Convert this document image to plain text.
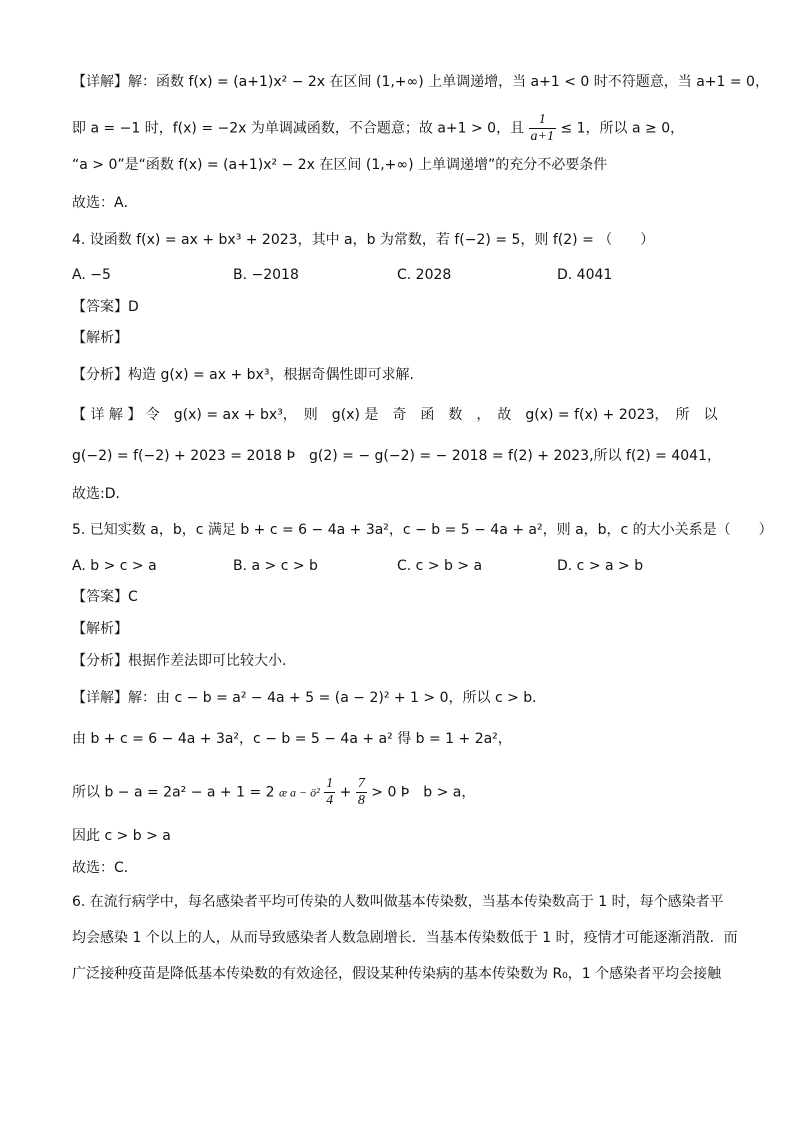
【详解】解：函数 f(x) = (a+1)x² − 2x 在区间 (1,+∞) 上单调递增，当 a+1 < 0 时不符题意，当 a+1 = 0，
即 a = −1 时，f(x) = −2x 为单调减函数，不合题意；故 a+1 > 0，且 $\frac{1}{a+1} \le 1$，所以 a ≥ 0，
“a > 0”是“函数 f(x) = (a+1)x² − 2x 在区间 (1,+∞) 上单调递增”的充分不必要条件
故选：A．
4. 设函数 f(x) = ax + bx³ + 2023，其中 a，b 为常数，若 f(−2) = 5，则 f(2) = （　　）
A. −5	B. −2018	C. 2028	D. 4041
【答案】D
【解析】
【分析】构造 g(x) = ax + bx³，根据奇偶性即可求解.
【 详 解 】 令　g(x) = ax + bx³，　则　g(x) 是　奇　函　数　，　故　g(x) = f(x) + 2023，　所　以
g(−2) = f(−2) + 2023 = 2018 Þ　g(2) = − g(−2) = − 2018 = f(2) + 2023,所以 f(2) = 4041，
故选:D．
5. 已知实数 a，b，c 满足 b + c = 6 − 4a + 3a²，c − b = 5 − 4a + a²，则 a，b，c 的大小关系是（　　）
A. b > c > a	B. a > c > b	C. c > b > a	D. c > a > b
【答案】C
【解析】
【分析】根据作差法即可比较大小.
【详解】解：由 c − b = a² − 4a + 5 = (a − 2)² + 1 > 0，所以 c > b．
由 b + c = 6 − 4a + 3a²，c − b = 5 − 4a + a² 得 b = 1 + 2a²，
所以 b − a = 2a² − a + 1 = 2 æ a − ö² $\frac{1}{4} + \frac{7}{8} > 0$ Þ　b > a，
因此 c > b > a
故选：C．
6. 在流行病学中，每名感染者平均可传染的人数叫做基本传染数，当基本传染数高于 1 时，每个感染者平
均会感染 1 个以上的人，从而导致感染者人数急剧增长．当基本传染数低于 1 时，疫情才可能逐渐消散．而
广泛接种疫苗是降低基本传染数的有效途径，假设某种传染病的基本传染数为 R₀，1 个感染者平均会接触
